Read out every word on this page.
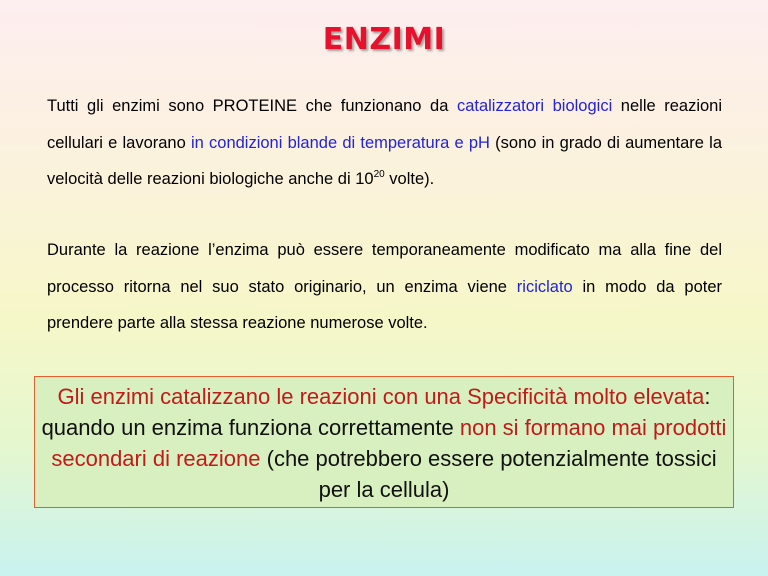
ENZIMI

Tutti gli enzimi sono PROTEINE che funzionano da catalizzatori biologici nelle reazioni cellulari e lavorano in condizioni blande di temperatura e pH (sono in grado di aumentare la velocità delle reazioni biologiche anche di $10^{20}$ volte).

Durante la reazione l’enzima può essere temporaneamente modificato ma alla fine del processo ritorna nel suo stato originario, un enzima viene riciclato in modo da poter prendere parte alla stessa reazione numerose volte.

Gli enzimi catalizzano le reazioni con una Specificità molto elevata: quando un enzima funziona correttamente non si formano mai prodotti secondari di reazione (che potrebbero essere potenzialmente tossici per la cellula)
